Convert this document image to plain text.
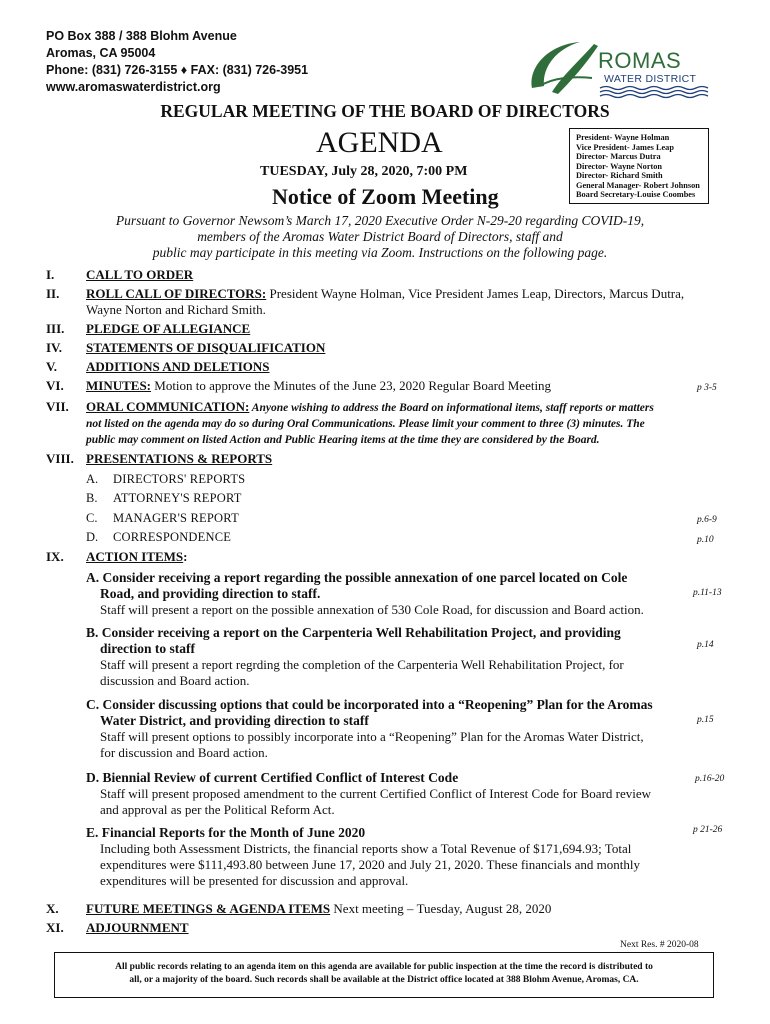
PO Box 388 / 388 Blohm Avenue
Aromas, CA 95004
Phone: (831) 726-3155 ♦ FAX: (831) 726-3951
www.aromaswaterdistrict.org
ROMAS
WATER DISTRICT
REGULAR MEETING OF THE BOARD OF DIRECTORS
AGENDA
TUESDAY, July 28, 2020, 7:00 PM
Notice of Zoom Meeting
President- Wayne Holman
Vice President- James Leap
Director- Marcus Dutra
Director- Wayne Norton
Director- Richard Smith
General Manager- Robert Johnson
Board Secretary-Louise Coombes
Pursuant to Governor Newsom’s March 17, 2020 Executive Order N-29-20 regarding COVID-19,
members of the Aromas Water District Board of Directors, staff and
public may participate in this meeting via Zoom. Instructions on the following page.
I. CALL TO ORDER
II. ROLL CALL OF DIRECTORS: President Wayne Holman, Vice President James Leap, Directors, Marcus Dutra,
Wayne Norton and Richard Smith.
III. PLEDGE OF ALLEGIANCE
IV. STATEMENTS OF DISQUALIFICATION
V. ADDITIONS AND DELETIONS
VI. MINUTES: Motion to approve the Minutes of the June 23, 2020 Regular Board Meeting	p 3-5
VII. ORAL COMMUNICATION: Anyone wishing to address the Board on informational items, staff reports or matters
not listed on the agenda may do so during Oral Communications. Please limit your comment to three (3) minutes. The
public may comment on listed Action and Public Hearing items at the time they are considered by the Board.
VIII. PRESENTATIONS & REPORTS
A. DIRECTORS' REPORTS
B. ATTORNEY'S REPORT
C. MANAGER'S REPORT	p.6-9
D. CORRESPONDENCE	p.10
IX. ACTION ITEMS:
A. Consider receiving a report regarding the possible annexation of one parcel located on Cole
Road, and providing direction to staff.
Staff will present a report on the possible annexation of 530 Cole Road, for discussion and Board action.
p.11-13
B. Consider receiving a report on the Carpenteria Well Rehabilitation Project, and providing
direction to staff
Staff will present a report regrding the completion of the Carpenteria Well Rehabilitation Project, for
discussion and Board action.
p.14
C. Consider discussing options that could be incorporated into a “Reopening” Plan for the Aromas
Water District, and providing direction to staff
Staff will present options to possibly incorporate into a “Reopening” Plan for the Aromas Water District,
for discussion and Board action.
p.15
D. Biennial Review of current Certified Conflict of Interest Code
Staff will present proposed amendment to the current Certified Conflict of Interest Code for Board review
and approval as per the Political Reform Act.
p.16-20
E. Financial Reports for the Month of June 2020
Including both Assessment Districts, the financial reports show a Total Revenue of $171,694.93; Total
expenditures were $111,493.80 between June 17, 2020 and July 21, 2020. These financials and monthly
expenditures will be presented for discussion and approval.
p 21-26
X. FUTURE MEETINGS & AGENDA ITEMS Next meeting – Tuesday, August 28, 2020
XI. ADJOURNMENT
Next Res. # 2020-08
All public records relating to an agenda item on this agenda are available for public inspection at the time the record is distributed to
all, or a majority of the board. Such records shall be available at the District office located at 388 Blohm Avenue, Aromas, CA.
